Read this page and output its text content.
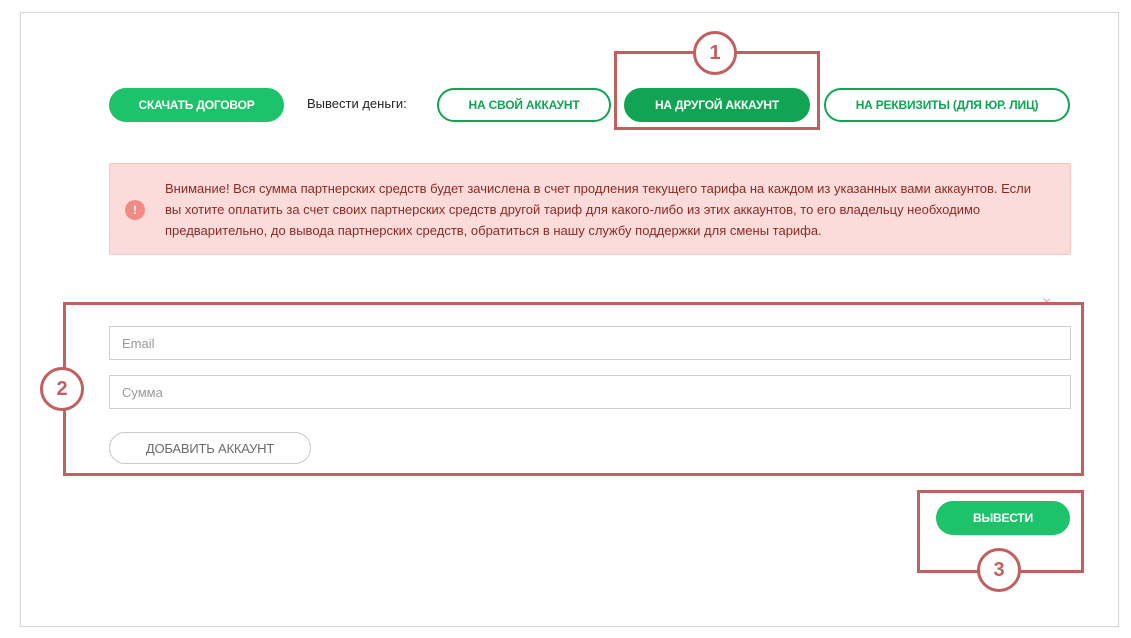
СКАЧАТЬ ДОГОВОР	Вывести деньги:	НА СВОЙ АККАУНТ	НА ДРУГОЙ АККАУНТ	НА РЕКВИЗИТЫ (ДЛЯ ЮР. ЛИЦ)
!
Внимание! Вся сумма партнерских средств будет зачислена в счет продления текущего тарифа на каждом из указанных вами аккаунтов. Если вы хотите оплатить за счет своих партнерских средств другой тариф для какого-либо из этих аккаунтов, то его владельцу необходимо предварительно, до вывода партнерских средств, обратиться в нашу службу поддержки для смены тарифа.
×
Email
Сумма
ДОБАВИТЬ АККАУНТ
ВЫВЕСТИ
1
2
3
